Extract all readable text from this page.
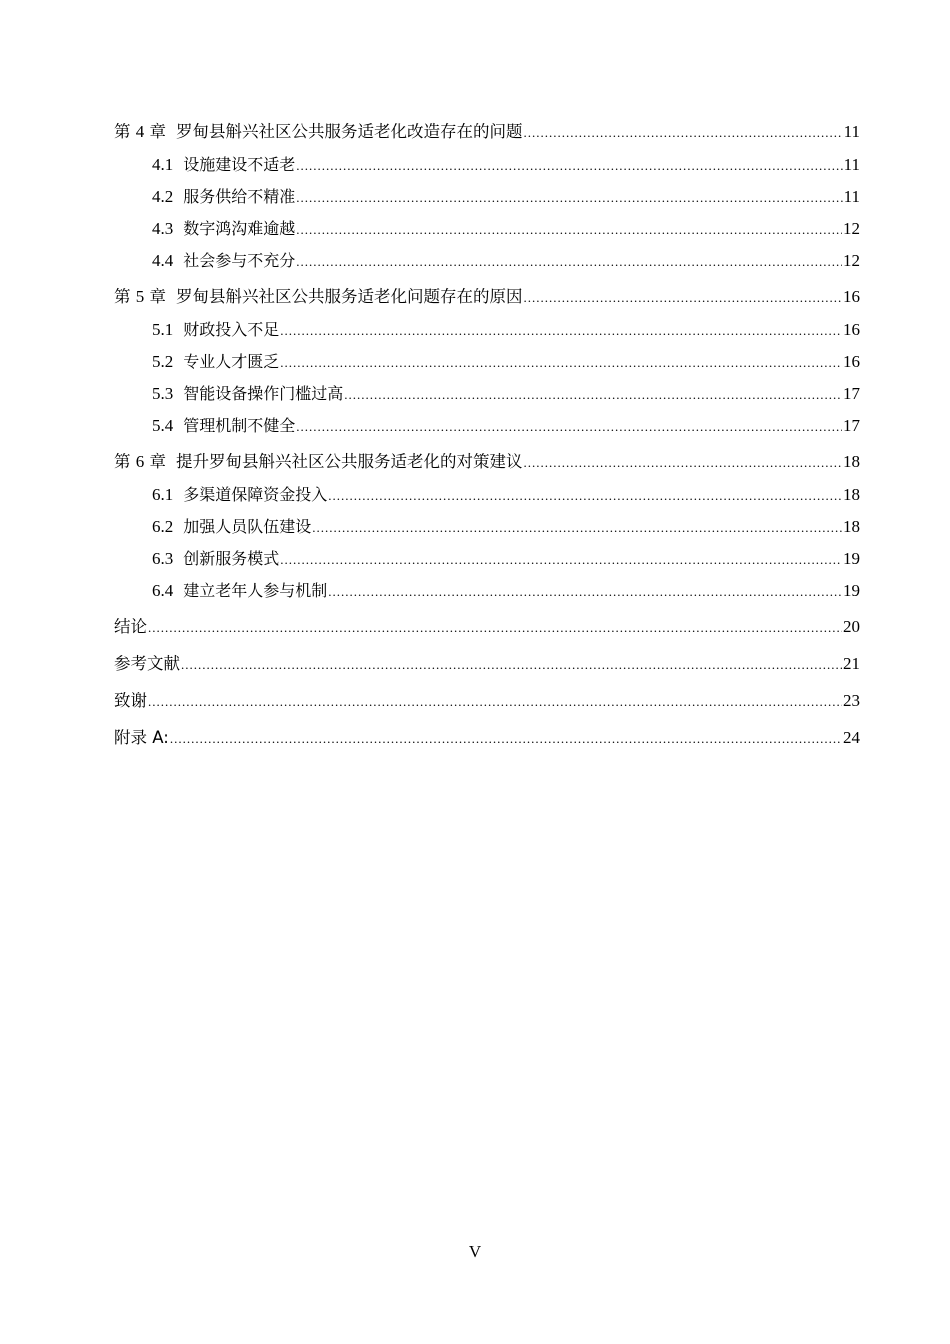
第 4 章 罗甸县斛兴社区公共服务适老化改造存在的问题 .....	11
4.1 设施建设不适老 .....	11
4.2 服务供给不精准 .....	11
4.3 数字鸿沟难逾越 .....	12
4.4 社会参与不充分 .....	12
第 5 章 罗甸县斛兴社区公共服务适老化问题存在的原因 .....	16
5.1 财政投入不足 .....	16
5.2 专业人才匮乏 .....	16
5.3 智能设备操作门槛过高 .....	17
5.4 管理机制不健全 .....	17
第 6 章 提升罗甸县斛兴社区公共服务适老化的对策建议 .....	18
6.1 多渠道保障资金投入 .....	18
6.2 加强人员队伍建设 .....	18
6.3 创新服务模式 .....	19
6.4 建立老年人参与机制 .....	19
结论 .....	20
参考文献 .....	21
致谢 .....	23
附录 A: .....	24
V
